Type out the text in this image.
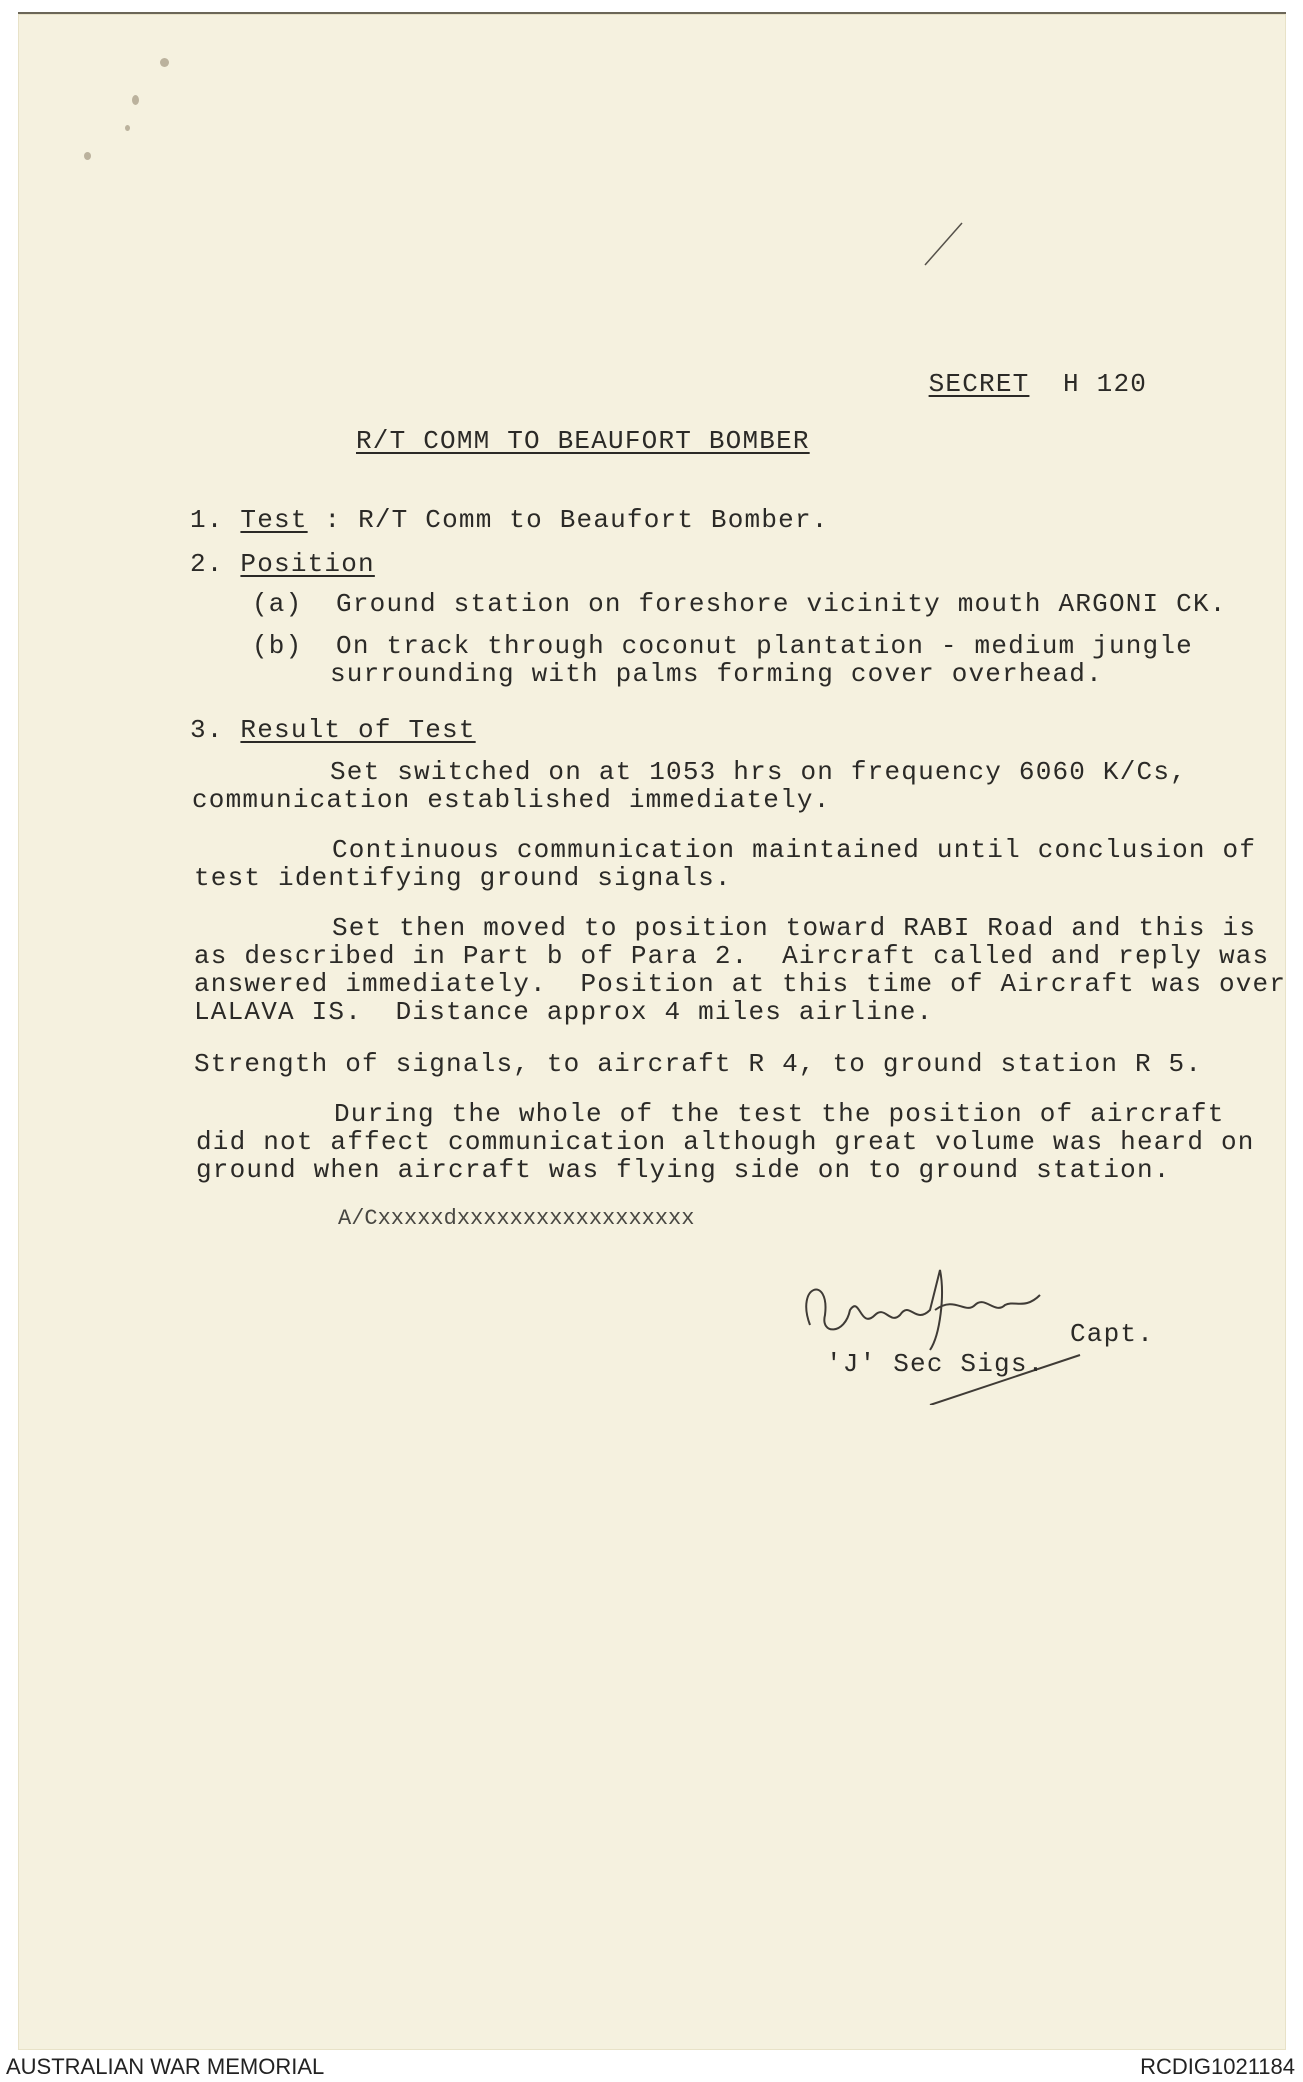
SECRET H 120

R/T COMM TO BEAUFORT BOMBER
1. Test : R/T Comm to Beaufort Bomber.
2. Position
(a) Ground station on foreshore vicinity mouth ARGONI CK.
(b) On track through coconut plantation - medium jungle
surrounding with palms forming cover overhead.
3. Result of Test
Set switched on at 1053 hrs on frequency 6060 K/Cs,
communication established immediately.
Continuous communication maintained until conclusion of
test identifying ground signals.
Set then moved to position toward RABI Road and this is
as described in Part b of Para 2.  Aircraft called and reply was
answered immediately.  Position at this time of Aircraft was over
LALAVA IS.  Distance approx 4 miles airline.
Strength of signals, to aircraft R 4, to ground station R 5.
During the whole of the test the position of aircraft
did not affect communication although great volume was heard on
ground when aircraft was flying side on to ground station.
A/Cxxxxxdxxxxxxxxxxxxxxxxxx
Capt.
'J' Sec Sigs.
AUSTRALIAN WAR MEMORIAL	RCDIG1021184
